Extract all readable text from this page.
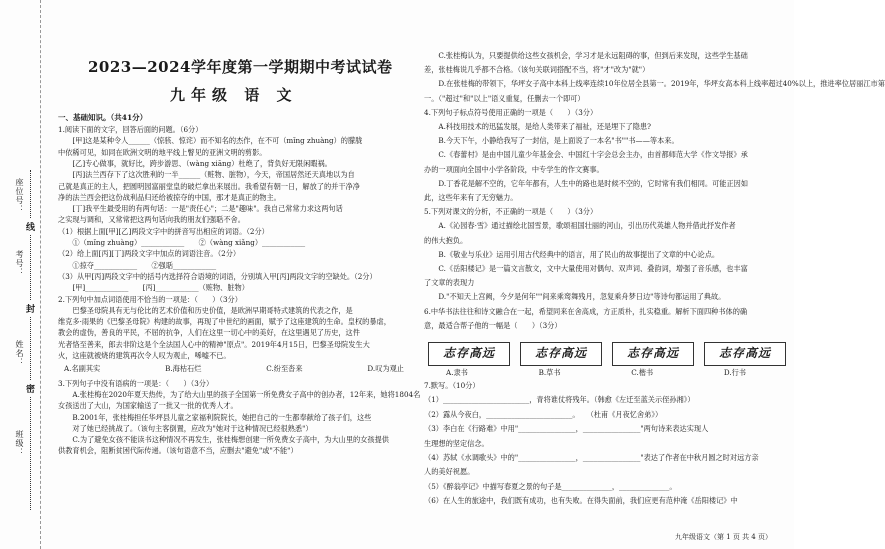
座位号：
考号：
姓名：
班级：
线
封
密
2023—2024学年度第一学期期中考试试卷
九年级 语 文
一、基础知识。（共41分）
1.阅读下面的文字，回答后面的问题。（6分）
　　[甲]这是某种令人______（惊骇、惊诧）而不知名的杰作，在不可（mǐng zhuàng）的朦胧
中依稀可见，如同在欧洲文明的地平线上瞥见的亚洲文明的剪影。
　　[乙]专心做事，就好比，跨步游思、（wàng xiāng）杜绝了，背负好无限闲暇祸。
　　[丙]法兰西存下了这次胜利的一半______（赃物、脏物），今天，帝国居然还天真地以为自
己就是真正的主人，把圆明园富丽堂皇的破烂拿出来展出。我希望有朝一日，解放了的并干净净
净的法兰西会把这份战利品归还给被掠夺的中国，那才是真正的物主。
　　[丁]我平生最受用的有两句话：一是"责任心"；二是"趣味"。我自己常常力求这两句话
之实现与调和，又常常把这两句话向我的朋友们强聒不舍。
（1）根据上面[甲][乙]两段文字中的拼音写出相应的词语。（2分）
　　①（mǐng zhuàng）____________　　②（wàng xiǎng）____________
（2）给上面[丙][丁]两段文字中加点的词语注音。（2分）
　　①掠夺____________　　②强聒____________
（3）从甲[丙]两段文字中的括号内选择符合语境的词语，分别填入甲[丙]两段文字的空缺处。（2分）
　　[甲]____________　　[丙]____________（赃物、脏物）
2.下列句中加点词语使用不恰当的一项是：（　　）（3分）
　　巴黎圣母院具有无与伦比的艺术价值和历史价值，是欧洲早期哥特式建筑的代表之作，是
维克多·雨果的《巴黎圣母院》构建的故事，再现了中世纪的画面，赋予了这座建筑的生命。皇权的暴虐，
教会的虚伪，善良的平民，不屈的抗争，人们在这里一切心中的美好，在这里遇见了历史，这件
光者恪至善来，郎去非阶这是个全法国人心中的精神"原点"。2019年4月15日，巴黎圣母院发生大
火，这座就被烧的建筑再次令人叹为观止，唏嘘不已。
A.名副其实	B.海枯石烂	C.纷至沓来	D.叹为观止
3.下列句子中没有语病的一项是：（　　）（3分）
　　A.张桂梅在2020年夏天热传，为了给大山里的孩子全国第一所免费女子高中的创办者，12年来，她将1804名
女孩送出了大山，为国家输送了一批又一批的优秀人才。
　　B.2001年，张桂梅担任华坪县儿童之家福利院院长，她把自己的一生都奉献给了孩子们，这些
　　对了她已经挑战了。（该句主客倒置，应改为"她对于这种情况已经很熟悉"）
　　C.为了避免女孩不能读书这种情况不再发生，张桂梅想创建一所免费女子高中，为大山里的女孩提供
供教育机会，阻断贫困代际传递。（该句语意不当，应删去"避免"或"不能"）
　　C.张桂梅认为，只要提供给这些女孩机会，学习才是永远阻碍的事，但到后来发现，这些学生基础
差，张桂梅说几乎都不合格。（该句关联词搭配不当，将"才"改为"就"）
　　D.在张桂梅的带领下，华坪女子高中本科上线率连续10年位居全县第一。2019年，华坪女高本科上线率超过40%以上，推进率位居丽江市第
一。（"超过"和"以上"语义重复，任删去一个即可）
4.下列句子标点符号使用正确的一项是（　　）（3分）
　　A.科技用技术的迅猛发展，是给人类带来了福祉，还是埋下了隐患?
　　B.今天下午，小静给我写了一封信，是上面说了一本名"书""书——等本来。
　　C.《春蕾村》是由中国儿童少年基金会、中国红十字会总会主办，由首都师范大学《作文导报》承
办的一项面向全国中小学各阶段，中专学生的作文赛事。
　　D.丁香花是解不空的，它年年都有，人生中的路也是时候不空的，它时常有我们相同。可能正因如
此，这些年来有了无穷魅力。
5.下列对课文的分析，不正确的一项是（　　）（3分）
　　A.《沁园春·雪》通过描绘北国雪景，歌颂祖国壮丽的河山，引出历代英雄人物并借此抒发作者
的伟大抱负。
　　B.《敬业与乐业》运用引用古代经典中的语言，用了民山的故事提出了文章的中心论点。
　　C.《岳阳楼记》是一篇文言散文，文中大量使用对偶句、双声词、叠韵词，增强了音乐感，也丰富
了文章的表现力
　　D."不知天上宫阙，今夕是何年""间来乘鸾舞残月，忽复乘舟梦日边"等诗句都运用了典故。
6.中华书法往往和诗文融合在一起，希望同来在舍高成，方正质朴，扎实稳重。解析下面四种书体的确
意，最适合帮子他的一幅是（　　）（3分）
志存高远	志存高远	志存高远	志存高远
A.隶书	B.草书	C.楷书	D.行书
7.默写。（10分）
（1）________________________，青将谁仗将残年。（韩愈《左迁至蓝关示侄孙湘》）
（2）露从今夜白，________________________。　　（杜甫《月夜忆舍弟》）
（3）李白在《行路难》中用"________________，________________"两句诗来表达实现人
生理想的坚定信念。
（4）苏轼《水调歌头》中的"________________，________________"表达了作者在中秋月圆之时对远方亲
人的美好祝愿。
（5）《醉翁亭记》中描写春夏之景的句子是______________，______________。
（6）在人生的旅途中，我们既有成功，也有失败。在得失面前，我们应更有范仲淹《岳阳楼记》中
九年级语文（第 1 页 共 4 页）
